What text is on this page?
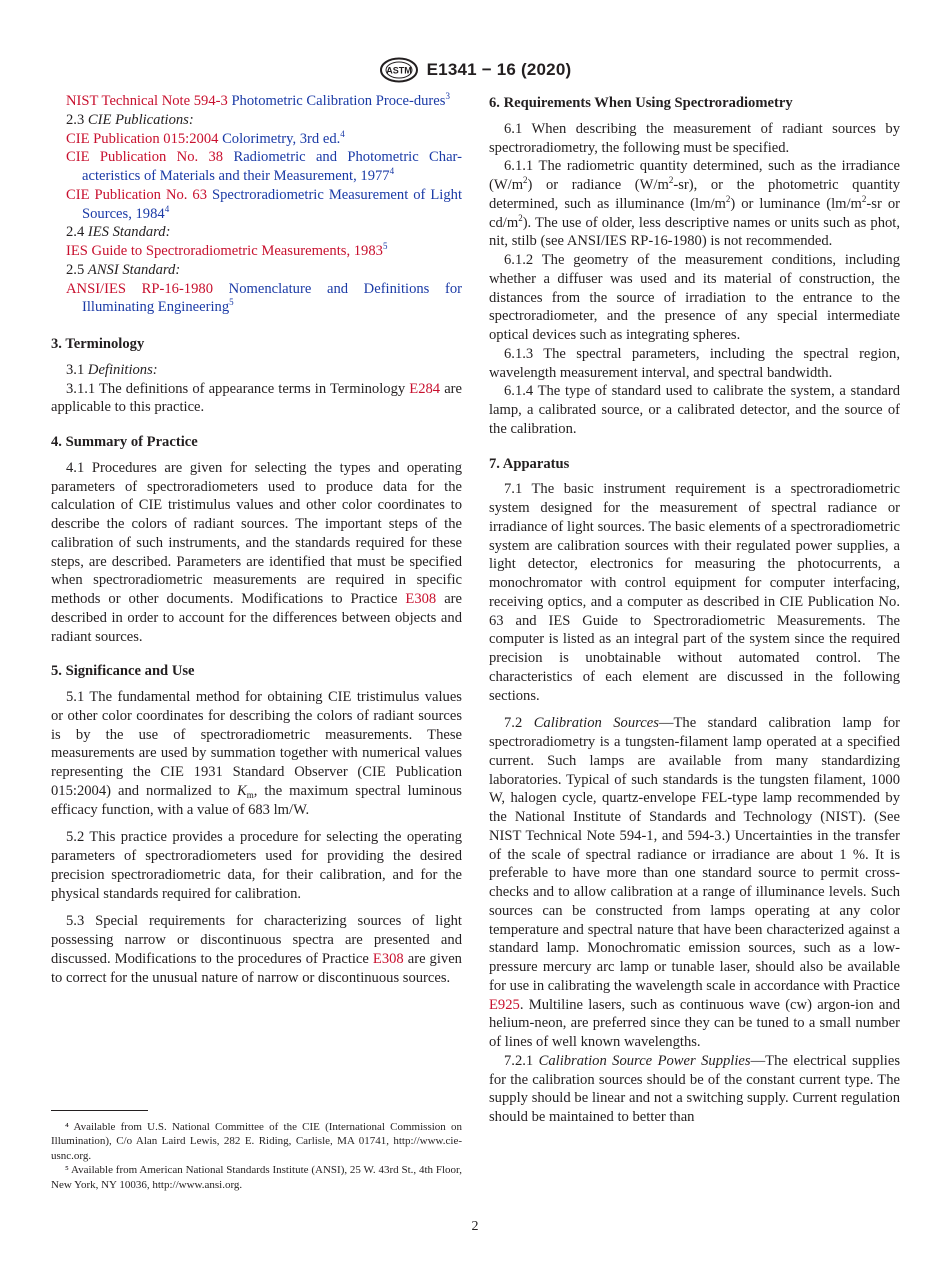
ASTM E1341 − 16 (2020)

NIST Technical Note 594-3 Photometric Calibration Proce-dures$^3$

2.3 CIE Publications:

CIE Publication 015:2004 Colorimetry, 3rd ed.$^4$

CIE Publication No. 38 Radiometric and Photometric Char- acteristics of Materials and their Measurement, 1977$^4$

CIE Publication No. 63 Spectroradiometric Measurement of Light Sources, 1984$^4$

2.4 IES Standard:

IES Guide to Spectroradiometric Measurements, 1983$^5$

2.5 ANSI Standard:

ANSI/IES RP-16-1980 Nomenclature and Definitions for Illuminating Engineering$^5$

3. Terminology

3.1 Definitions:

3.1.1 The definitions of appearance terms in Terminology E284 are applicable to this practice.

4. Summary of Practice

4.1 Procedures are given for selecting the types and operating parameters of spectroradiometers used to produce data for the calculation of CIE tristimulus values and other color coordinates to describe the colors of radiant sources. The important steps of the calibration of such instruments, and the standards required for these steps, are described. Parameters are identified that must be specified when spectroradiometric measurements are required in specific methods or other documents. Modifications to Practice E308 are described in order to account for the differences between objects and radiant sources.

5. Significance and Use

5.1 The fundamental method for obtaining CIE tristimulus values or other color coordinates for describing the colors of radiant sources is by the use of spectroradiometric measurements. These measurements are used by summation together with numerical values representing the CIE 1931 Standard Observer (CIE Publication 015:2004) and normalized to $K_m$, the maximum spectral luminous efficacy function, with a value of 683 lm/W.

5.2 This practice provides a procedure for selecting the operating parameters of spectroradiometers used for providing the desired precision spectroradiometric data, for their calibration, and for the physical standards required for calibration.

5.3 Special requirements for characterizing sources of light possessing narrow or discontinuous spectra are presented and discussed. Modifications to the procedures of Practice E308 are given to correct for the unusual nature of narrow or discontinuous sources.

6. Requirements When Using Spectroradiometry

6.1 When describing the measurement of radiant sources by spectroradiometry, the following must be specified.

6.1.1 The radiometric quantity determined, such as the irradiance $(W/m^2)$ or radiance $(W/m^2-sr)$, or the photometric quantity determined, such as illuminance $(lm/m^2)$ or luminance ($lm/m^2-sr$ or $cd/m^2$). The use of older, less descriptive names or units such as phot, nit, stilb (see ANSI/IES RP-16-1980) is not recommended.

6.1.2 The geometry of the measurement conditions, including whether a diffuser was used and its material of construction, the distances from the source of irradiation to the entrance to the spectroradiometer, and the presence of any special intermediate optical devices such as integrating spheres.

6.1.3 The spectral parameters, including the spectral region, wavelength measurement interval, and spectral bandwidth.

6.1.4 The type of standard used to calibrate the system, a standard lamp, a calibrated source, or a calibrated detector, and the source of the calibration.

7. Apparatus

7.1 The basic instrument requirement is a spectroradiometric system designed for the measurement of spectral radiance or irradiance of light sources. The basic elements of a spectroradiometric system are calibration sources with their regulated power supplies, a light detector, electronics for measuring the photocurrents, a monochromator with control equipment for computer interfacing, receiving optics, and a computer as described in CIE Publication No. 63 and IES Guide to Spectroradiometric Measurements. The computer is listed as an integral part of the system since the required precision is unobtainable without automated control. The characteristics of each element are discussed in the following sections.

7.2 Calibration Sources—The standard calibration lamp for spectroradiometry is a tungsten-filament lamp operated at a specified current. Such lamps are available from many standardizing laboratories. Typical of such standards is the tungsten filament, 1000 W, halogen cycle, quartz-envelope FEL-type lamp recommended by the National Institute of Standards and Technology (NIST). (See NIST Technical Note 594-1, and 594-3.) Uncertainties in the transfer of the scale of spectral radiance or irradiance are about 1 %. It is preferable to have more than one standard source to permit cross-checks and to allow calibration at a range of illuminance levels. Such sources can be constructed from lamps operating at any color temperature and spectral nature that have been characterized against a standard lamp. Monochromatic emission sources, such as a low-pressure mercury arc lamp or tunable laser, should also be available for use in calibrating the wavelength scale in accordance with Practice E925. Multiline lasers, such as continuous wave (cw) argon-ion and helium-neon, are preferred since they can be tuned to a small number of lines of well known wavelengths.

7.2.1 Calibration Source Power Supplies—The electrical supplies for the calibration sources should be of the constant current type. The supply should be linear and not a switching supply. Current regulation should be maintained to better than

⁴ Available from U.S. National Committee of the CIE (International Commission on Illumination), C/o Alan Laird Lewis, 282 E. Riding, Carlisle, MA 01741, http://www.cie-usnc.org.

⁵ Available from American National Standards Institute (ANSI), 25 W. 43rd St., 4th Floor, New York, NY 10036, http://www.ansi.org.

2
